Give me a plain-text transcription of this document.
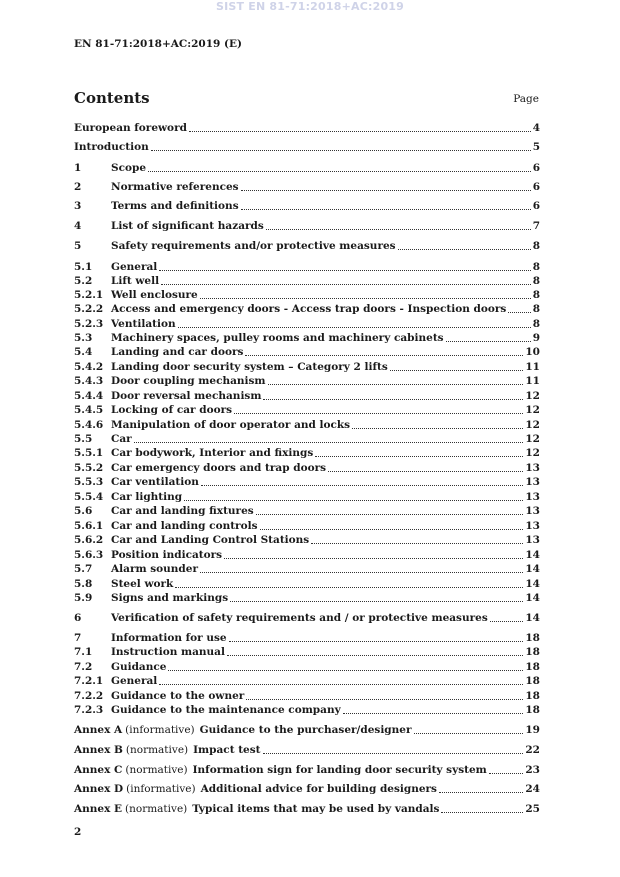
SIST EN 81-71:2018+AC:2019
EN 81-71:2018+AC:2019 (E)
Contents	Page
European foreword	4
Introduction	5
1	Scope	6
2	Normative references	6
3	Terms and definitions	6
4	List of significant hazards	7
5	Safety requirements and/or protective measures	8
5.1	General	8
5.2	Lift well	8
5.2.1 Well enclosure	8
5.2.2 Access and emergency doors - Access trap doors - Inspection doors	8
5.2.3 Ventilation	8
5.3	Machinery spaces, pulley rooms and machinery cabinets	9
5.4	Landing and car doors	10
5.4.2 Landing door security system – Category 2 lifts	11
5.4.3 Door coupling mechanism	11
5.4.4 Door reversal mechanism	12
5.4.5 Locking of car doors	12
5.4.6 Manipulation of door operator and locks	12
5.5	Car	12
5.5.1 Car bodywork, Interior and fixings	12
5.5.2 Car emergency doors and trap doors	13
5.5.3 Car ventilation	13
5.5.4 Car lighting	13
5.6	Car and landing fixtures	13
5.6.1 Car and landing controls	13
5.6.2 Car and Landing Control Stations	13
5.6.3 Position indicators	14
5.7	Alarm sounder	14
5.8	Steel work	14
5.9	Signs and markings	14
6	Verification of safety requirements and / or protective measures	14
7	Information for use	18
7.1	Instruction manual	18
7.2	Guidance	18
7.2.1 General	18
7.2.2 Guidance to the owner	18
7.2.3 Guidance to the maintenance company	18
Annex A (informative) Guidance to the purchaser/designer	19
Annex B (normative) Impact test	22
Annex C (normative) Information sign for landing door security system	23
Annex D (informative) Additional advice for building designers	24
Annex E (normative) Typical items that may be used by vandals	25
2
